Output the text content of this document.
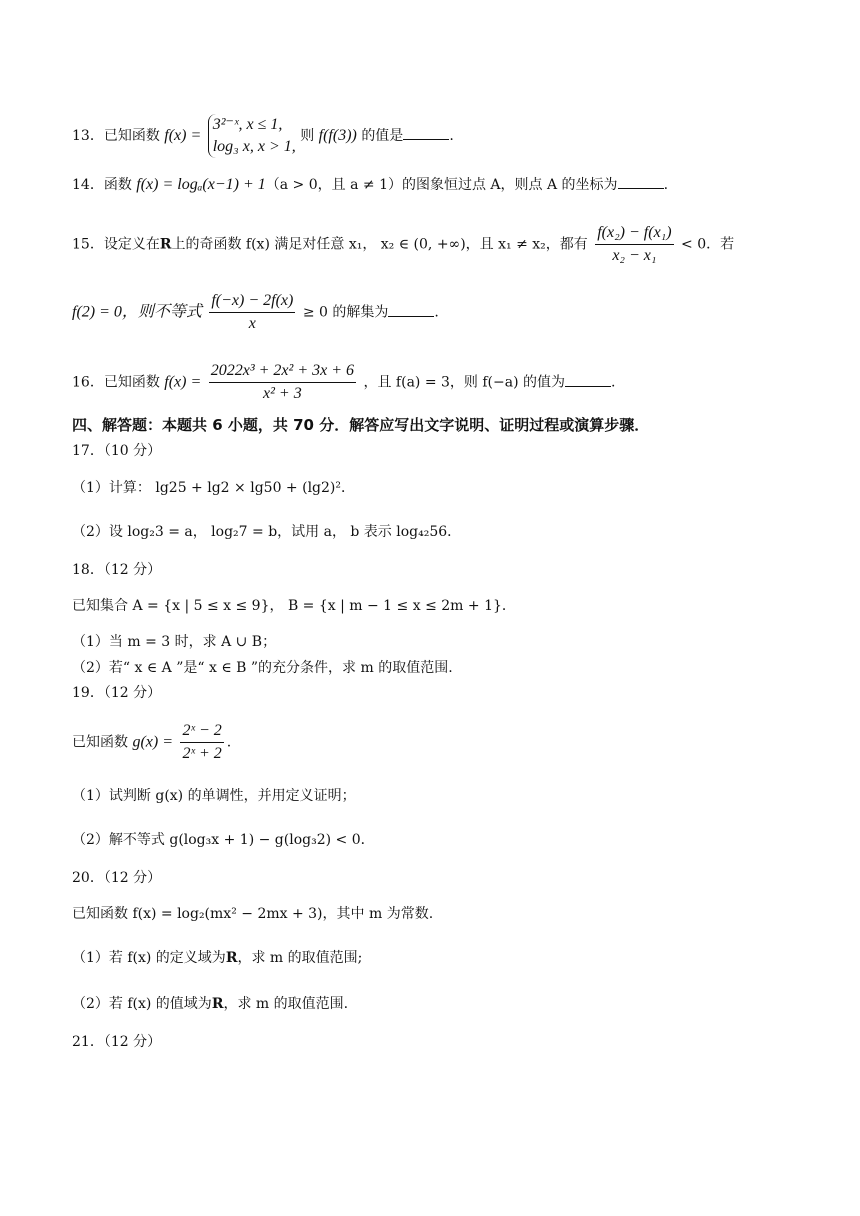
13．已知函数 f(x) =
3²⁻ˣ, x ≤ 1,
log₃ x, x > 1,
则 f(f(3)) 的值是	.
14．函数 f(x) = logₐ(x−1) + 1（a > 0，且 a ≠ 1）的图象恒过点 A，则点 A 的坐标为	.
15．设定义在R上的奇函数 f(x) 满足对任意 x₁， x₂ ∈ (0, +∞)，且 x₁ ≠ x₂，都有 $\frac{\text{f(x₂) − f(x₁)}}{\text{x₂ − x₁}} < 0$．若
f(2) = 0，则不等式 $\frac{f(-x) - 2f(x)}{x} \ge 0$ 的解集为	.
16．已知函数 $f(x) = \frac{\text{2022x³ + 2x² + 3x + 6}}{\text{x² + 3}}$ ，且 f(a) = 3，则 f(−a) 的值为	.
四、解答题：本题共 6 小题，共 70 分．解答应写出文字说明、证明过程或演算步骤．
17．（10 分）
（1）计算： lg25 + lg2 × lg50 + (lg2)²．
（2）设 log₂3 = a， log₂7 = b，试用 a， b 表示 log₄₂56．
18．（12 分）
已知集合 A = {x | 5 ≤ x ≤ 9}， B = {x | m − 1 ≤ x ≤ 2m + 1}．
（1）当 m = 3 时，求 A ∪ B；
（2）若“ x ∈ A ”是“ x ∈ B ”的充分条件，求 m 的取值范围.
19．（12 分）
已知函数 $g(x) = \frac{\text{2ˣ − 2}}{\text{2ˣ + 2}}$ .
（1）试判断 g(x) 的单调性，并用定义证明；
（2）解不等式 g(log₃x + 1) − g(log₃2) < 0．
20．（12 分）
已知函数 f(x) = log₂(mx² − 2mx + 3)，其中 m 为常数.
（1）若 f(x) 的定义域为R，求 m 的取值范围;
（2）若 f(x) 的值域为R，求 m 的取值范围.
21．（12 分）
